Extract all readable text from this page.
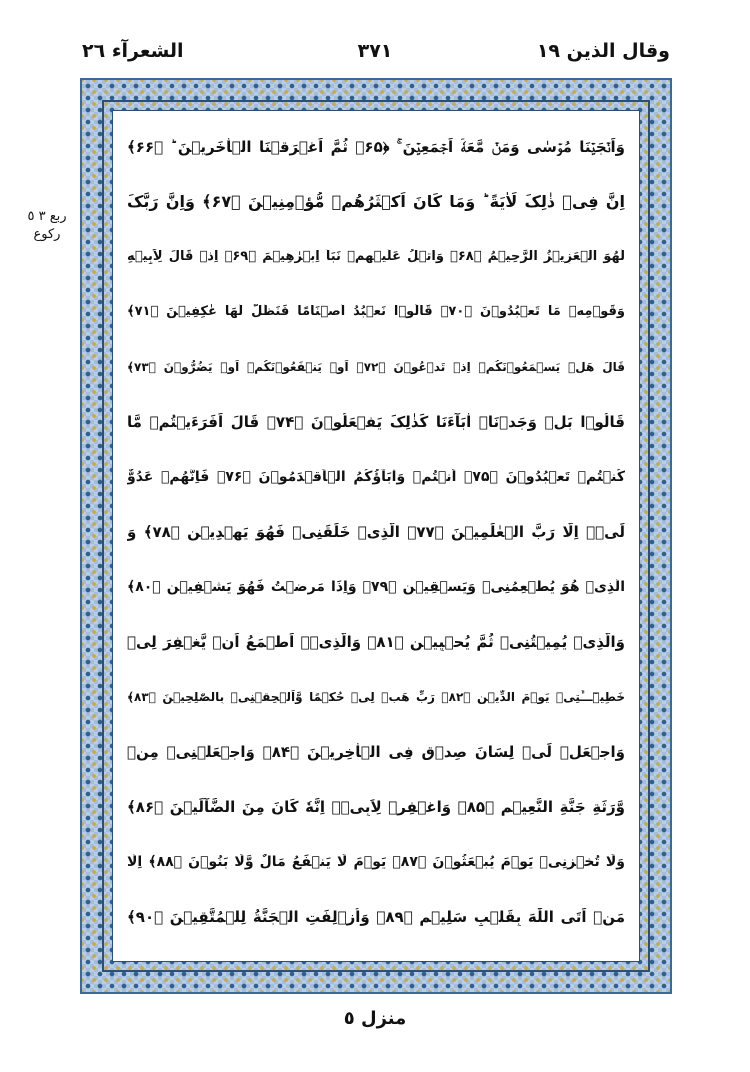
وقال الذين ١٩
٣٧١
الشعرآء ٢٦
ربع ٣ ٥ ركوع
وَاَنۡجَیۡنَا مُوۡسٰی وَمَنۡ مَّعَهٗۤ اَجۡمَعِیۡنَ ۚ ﴿۶۵﴾ ثُمَّ اَغۡرَقۡنَا الۡاٰخَرِیۡنَ ؕ ﴿۶۶﴾
اِنَّ فِیۡ ذٰلِکَ لَاٰیَةً ؕ وَمَا کَانَ اَکۡثَرُهُمۡ مُّؤۡمِنِیۡنَ ﴿۶۷﴾ وَاِنَّ رَبَّکَ
لَهُوَ الۡعَزِیۡزُ الرَّحِیۡمُ ﴿۶۸﴾ وَاتۡلُ عَلَیۡهِمۡ نَبَاَ اِبۡرٰهِیۡمَ ﴿۶۹﴾ اِذۡ قَالَ لِاَبِیۡهِ
وَقَوۡمِهٖ مَا تَعۡبُدُوۡنَ ﴿۷۰﴾ قَالُوۡا نَعۡبُدُ اَصۡنَامًا فَنَظَلُّ لَهَا عٰکِفِیۡنَ ﴿۷۱﴾
قَالَ هَلۡ یَسۡمَعُوۡنَکُمۡ اِذۡ تَدۡعُوۡنَ ﴿۷۲﴾ اَوۡ یَنۡفَعُوۡنَکُمۡ اَوۡ یَضُرُّوۡنَ ﴿۷۳﴾
قَالُوۡا بَلۡ وَجَدۡنَاۤ اٰبَآءَنَا کَذٰلِکَ یَفۡعَلُوۡنَ ﴿۷۴﴾ قَالَ اَفَرَءَیۡتُمۡ مَّا
کُنۡتُمۡ تَعۡبُدُوۡنَ ﴿۷۵﴾ اَنۡتُمۡ وَاٰبَآؤُکُمُ الۡاَقۡدَمُوۡنَ ﴿۷۶﴾ فَاِنَّهُمۡ عَدُوٌّ
لِّیۡۤ اِلَّا رَبَّ الۡعٰلَمِیۡنَ ﴿۷۷﴾ الَّذِیۡ خَلَقَنِیۡ فَهُوَ یَهۡدِیۡنِ ﴿۷۸﴾ وَ
الَّذِیۡ هُوَ یُطۡعِمُنِیۡ وَیَسۡقِیۡنِ ﴿۷۹﴾ وَاِذَا مَرِضۡتُ فَهُوَ یَشۡفِیۡنِ ﴿۸۰﴾
وَالَّذِیۡ یُمِیۡتُنِیۡ ثُمَّ یُحۡیِیۡنِ ﴿۸۱﴾ وَالَّذِیۡۤ اَطۡمَعُ اَنۡ یَّغۡفِرَ لِیۡ
خَطِیۡٓـــَٔتِیۡ یَوۡمَ الدِّیۡنِ ﴿۸۲﴾ رَبِّ هَبۡ لِیۡ حُکۡمًا وَّاَلۡحِقۡنِیۡ بِالصّٰلِحِیۡنَ ﴿۸۳﴾
وَاجۡعَلۡ لِّیۡ لِسَانَ صِدۡقٍ فِی الۡاٰخِرِیۡنَ ﴿۸۴﴾ وَاجۡعَلۡنِیۡ مِنۡ
وَّرَثَةِ جَنَّةِ النَّعِیۡمِ ﴿۸۵﴾ وَاغۡفِرۡ لِاَبِیۡۤ اِنَّهٗ کَانَ مِنَ الضَّآلِّیۡنَ ﴿۸۶﴾
وَلَا تُخۡزِنِیۡ یَوۡمَ یُبۡعَثُوۡنَ ﴿۸۷﴾ یَوۡمَ لَا یَنۡفَعُ مَالٌ وَّلَا بَنُوۡنَ ﴿۸۸﴾ اِلَّا
مَنۡ اَتَی اللّٰهَ بِقَلۡبٍ سَلِیۡمٍ ﴿۸۹﴾ وَاُزۡلِفَتِ الۡجَنَّةُ لِلۡمُتَّقِیۡنَ ﴿۹۰﴾
منزل ٥
